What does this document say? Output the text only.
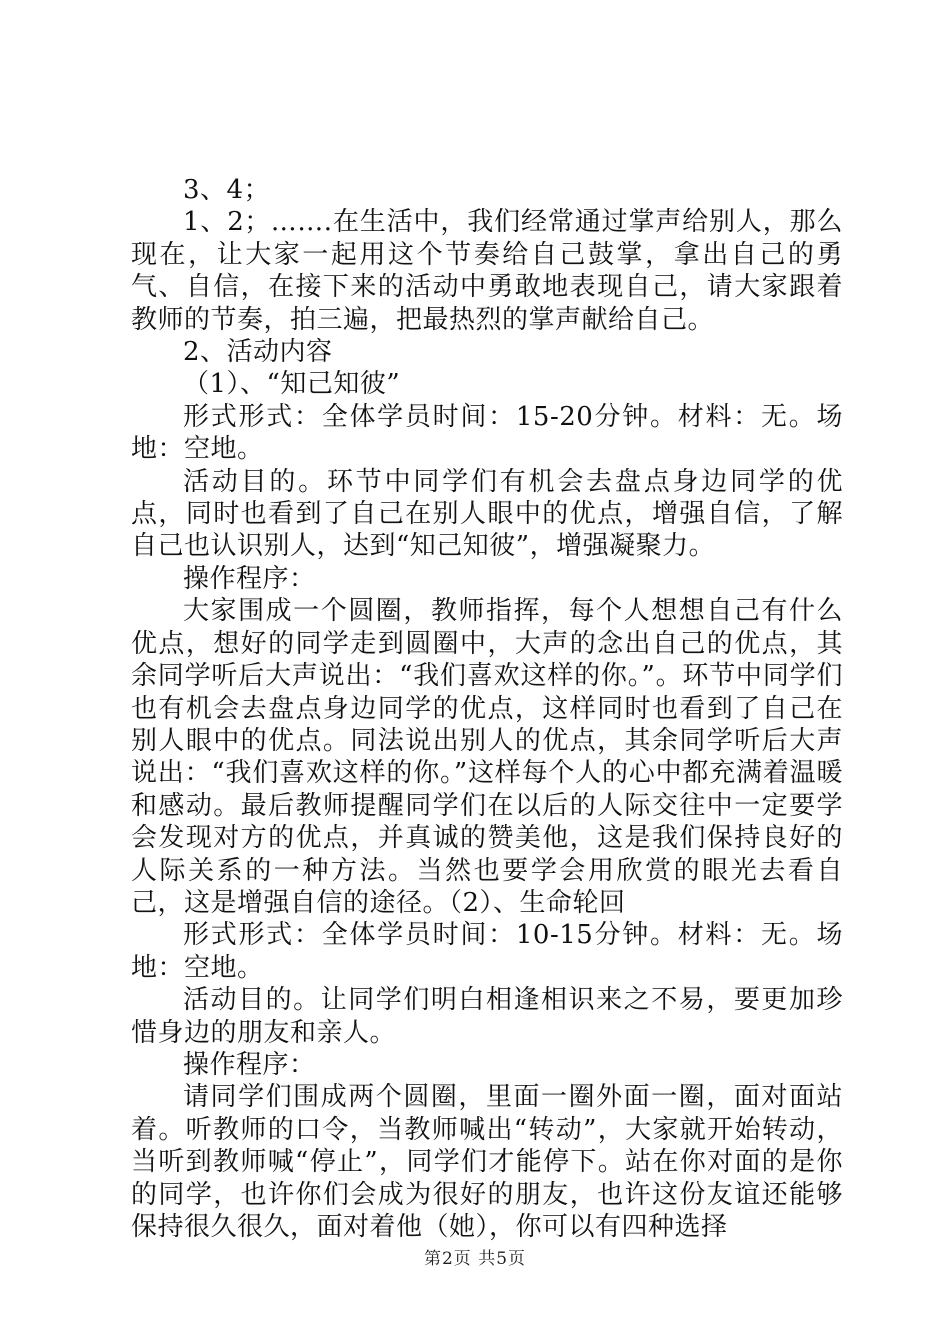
3、4；

1、2；…….在生活中，我们经常通过掌声给别人，那么现在，让大家一起用这个节奏给自己鼓掌，拿出自己的勇气、自信，在接下来的活动中勇敢地表现自己，请大家跟着教师的节奏，拍三遍，把最热烈的掌声献给自己。

2、活动内容

（1）、“知己知彼”

形式形式：全体学员时间：15-20分钟。材料：无。场地：空地。

活动目的。环节中同学们有机会去盘点身边同学的优点，同时也看到了自己在别人眼中的优点，增强自信，了解自己也认识别人，达到“知己知彼”，增强凝聚力。

操作程序：

大家围成一个圆圈，教师指挥，每个人想想自己有什么优点，想好的同学走到圆圈中，大声的念出自己的优点，其余同学听后大声说出：“我们喜欢这样的你。”。环节中同学们也有机会去盘点身边同学的优点，这样同时也看到了自己在别人眼中的优点。同法说出别人的优点，其余同学听后大声说出：“我们喜欢这样的你。”这样每个人的心中都充满着温暖和感动。最后教师提醒同学们在以后的人际交往中一定要学会发现对方的优点，并真诚的赞美他，这是我们保持良好的人际关系的一种方法。当然也要学会用欣赏的眼光去看自己，这是增强自信的途径。（2）、生命轮回

形式形式：全体学员时间：10-15分钟。材料：无。场地：空地。

活动目的。让同学们明白相逢相识来之不易，要更加珍惜身边的朋友和亲人。

操作程序：

请同学们围成两个圆圈，里面一圈外面一圈，面对面站着。听教师的口令，当教师喊出“转动”，大家就开始转动，当听到教师喊“停止”，同学们才能停下。站在你对面的是你的同学，也许你们会成为很好的朋友，也许这份友谊还能够保持很久很久，面对着他（她），你可以有四种选择

第2页 共5页
